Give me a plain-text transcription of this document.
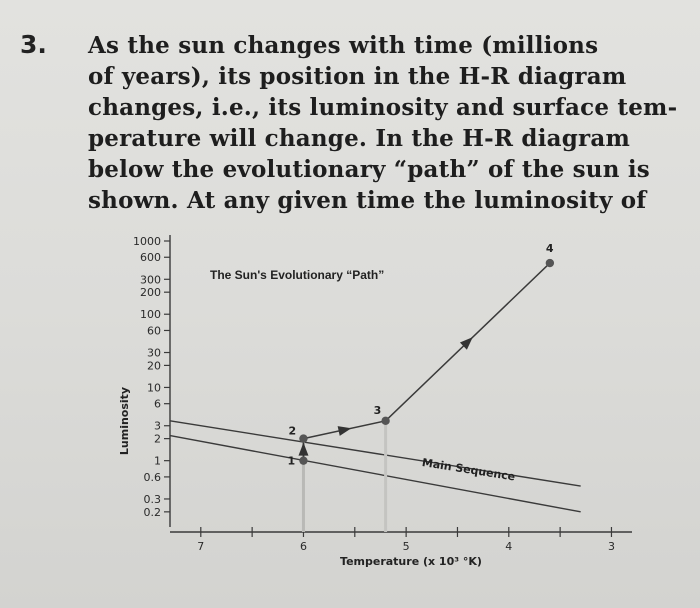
3. As the sun changes with time (millions
of years), its position in the H-R diagram
changes, i.e., its luminosity and surface tem-
perature will change. In the H-R diagram
below the evolutionary “path” of the sun is
shown. At any given time the luminosity of
1000
600
300
200
100
60
30
20
10
6
3
2
1
0.6
0.3
0.2
Luminosity
7	6	5	4	3
Temperature (x 10³ °K)
The Sun's Evolutionary “Path”
Main Sequence
1
2
3
4
